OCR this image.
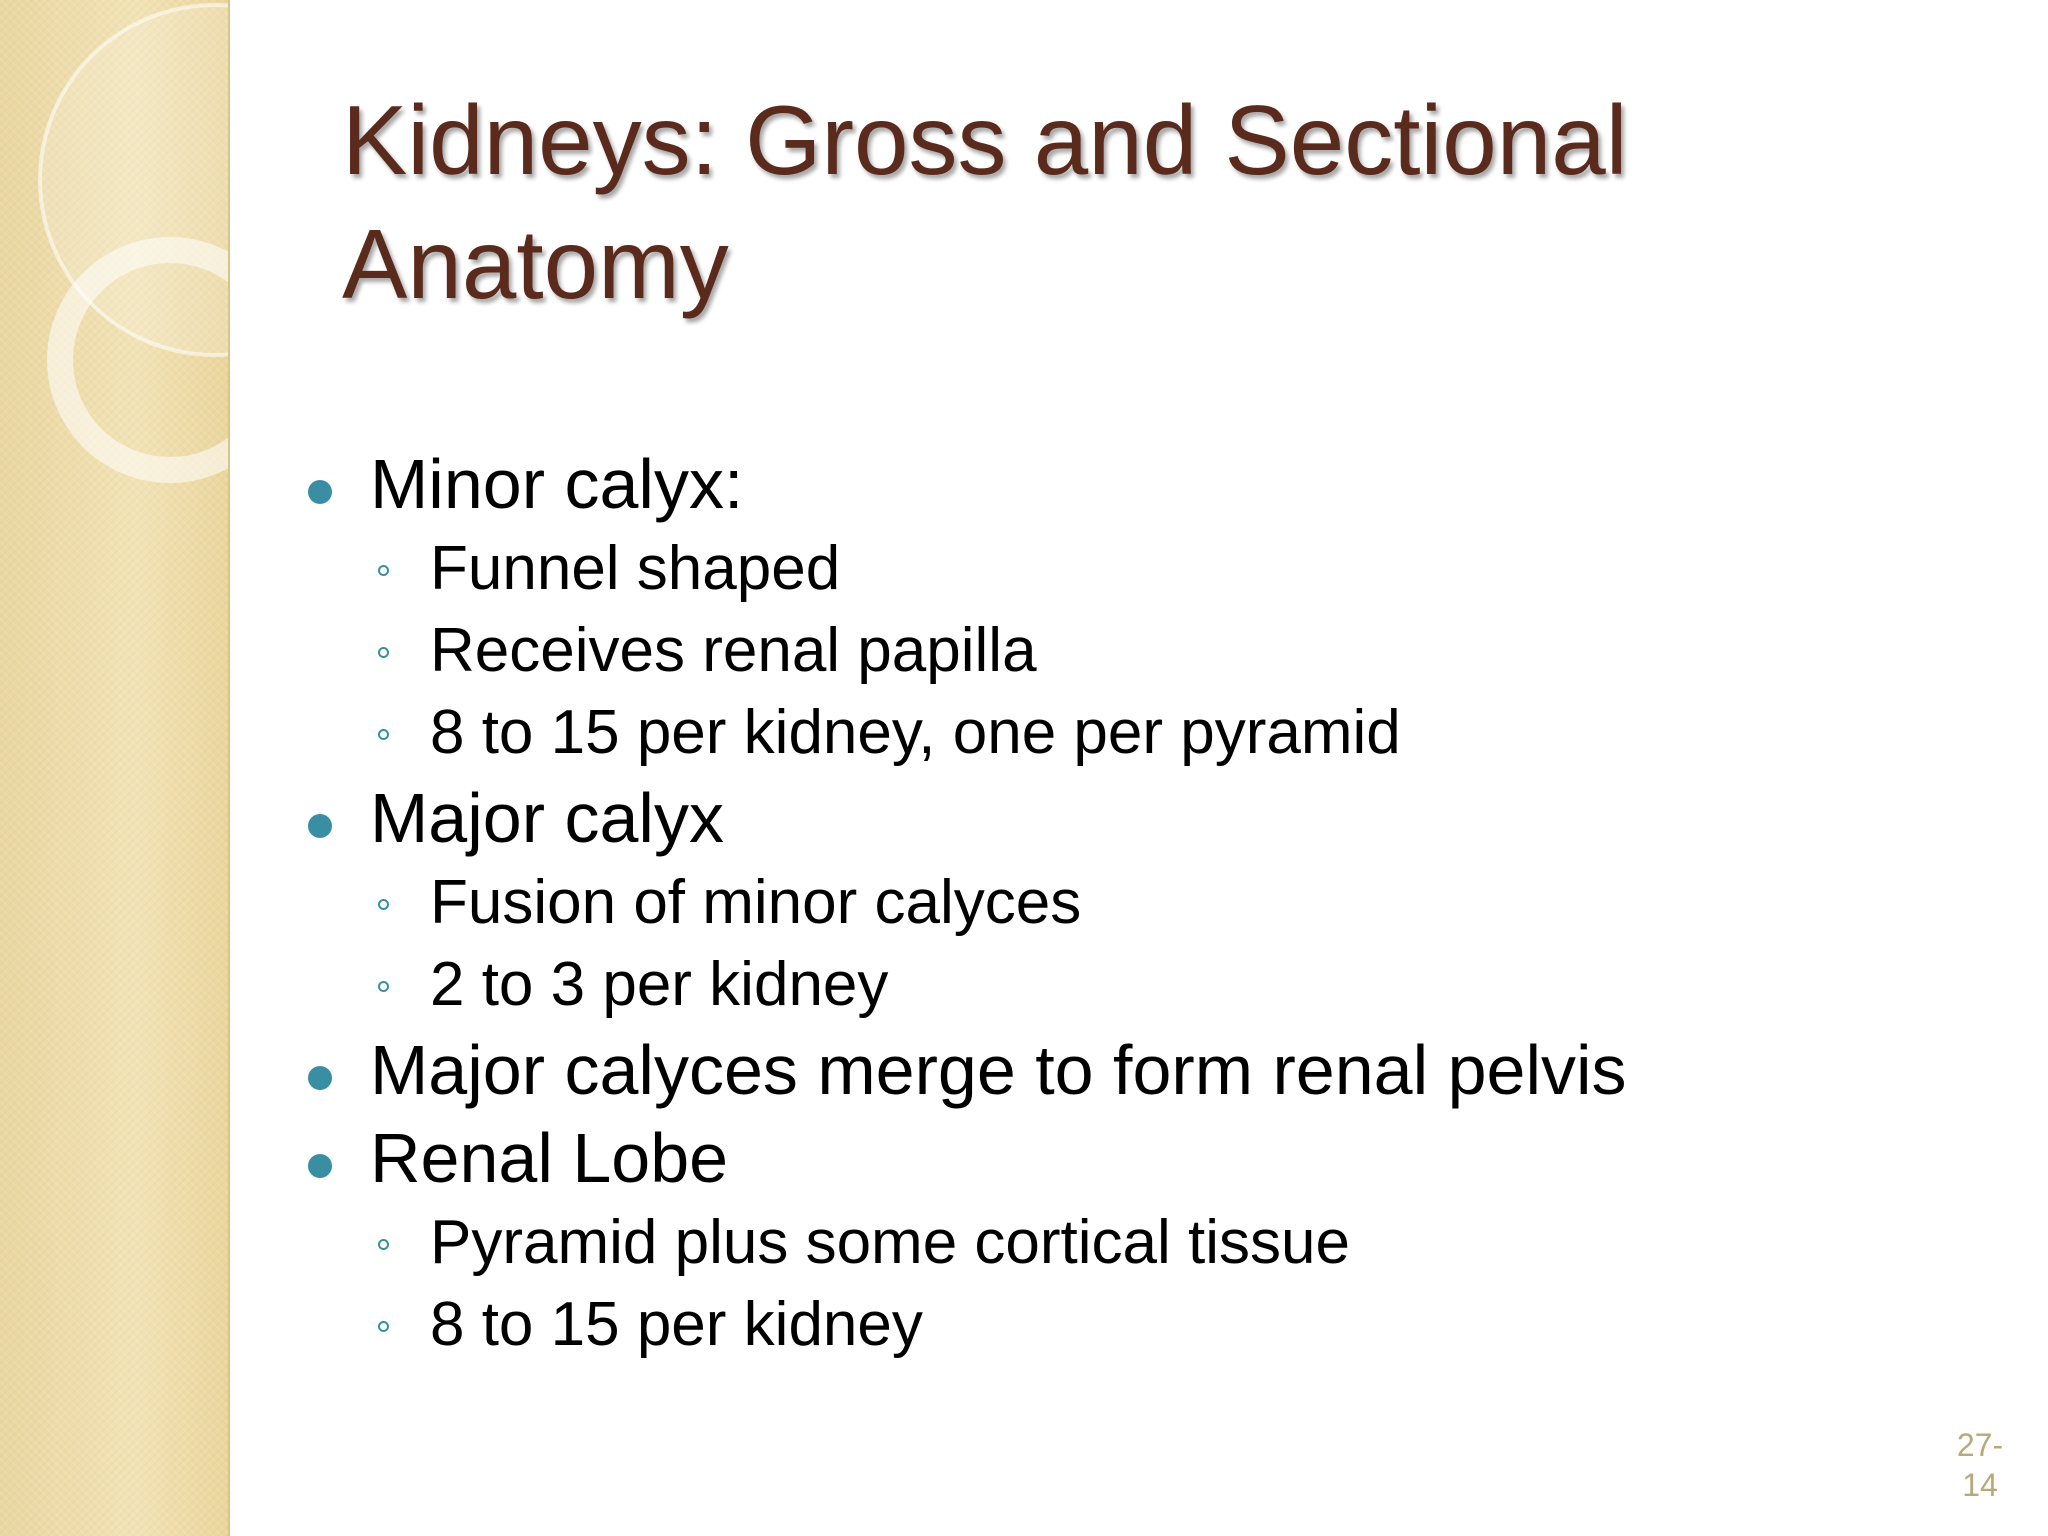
Kidneys: Gross and Sectional Anatomy
Minor calyx:
Funnel shaped
Receives renal papilla
8 to 15 per kidney, one per pyramid
Major calyx
Fusion of minor calyces
2 to 3 per kidney
Major calyces merge to form renal pelvis
Renal Lobe
Pyramid plus some cortical tissue
8 to 15 per kidney
27-
14
